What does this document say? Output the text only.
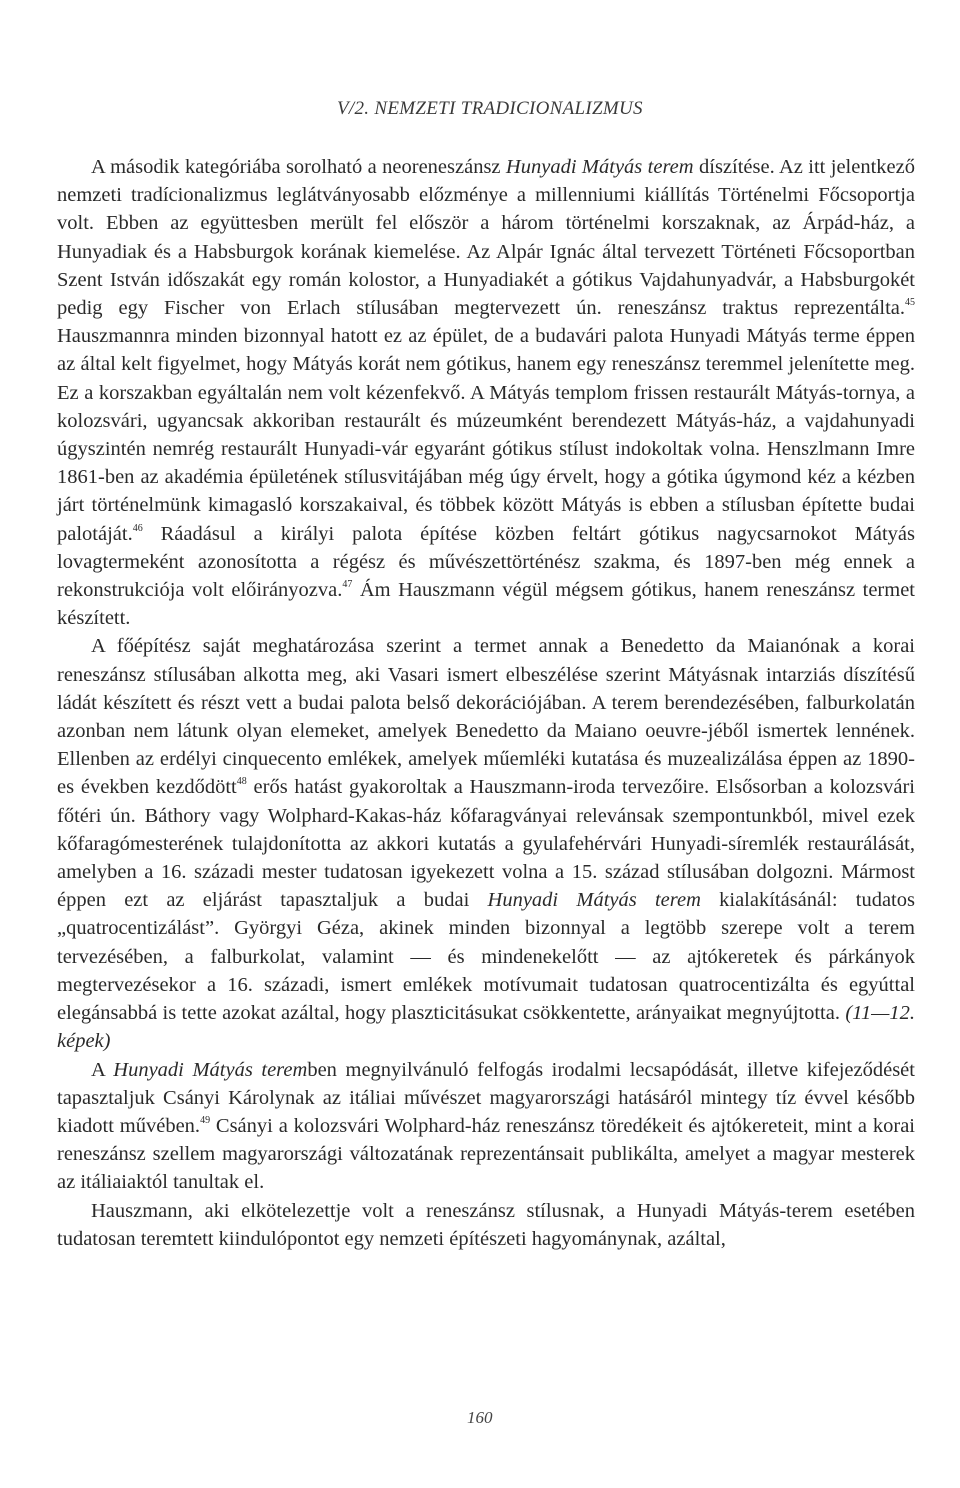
V/2. NEMZETI TRADICIONALIZMUS

A második kategóriába sorolható a neoreneszánsz Hunyadi Mátyás terem díszítése. Az itt jelentkező nemzeti tradícionalizmus leglátványosabb előzménye a millenniumi kiállítás Történelmi Főcsoportja volt. Ebben az együttesben merült fel először a három történelmi korszaknak, az Árpád-ház, a Hunyadiak és a Habsburgok korának kiemelése. Az Alpár Ignác által tervezett Történeti Főcsoportban Szent István időszakát egy román kolostor, a Hunyadiakét a gótikus Vajdahunyadvár, a Habsburgokét pedig egy Fischer von Erlach stílusában megtervezett ún. reneszánsz traktus reprezentálta.$^{45}$ Hauszmannra minden bizonnyal hatott ez az épület, de a budavári palota Hunyadi Mátyás terme éppen az által kelt figyelmet, hogy Mátyás korát nem gótikus, hanem egy reneszánsz teremmel jelenítette meg. Ez a korszakban egyáltalán nem volt kézenfekvő. A Mátyás templom frissen restaurált Mátyás-tornya, a kolozsvári, ugyancsak akkoriban restaurált és múzeumként berendezett Mátyás-ház, a vajdahunyadi úgyszintén nemrég restaurált Hunyadi-vár egyaránt gótikus stílust indokoltak volna. Henszlmann Imre 1861-ben az akadémia épületének stílusvitájában még úgy érvelt, hogy a gótika úgymond kéz a kézben járt történelmünk kimagasló korszakaival, és többek között Mátyás is ebben a stílusban építette budai palotáját.$^{46}$ Ráadásul a királyi palota építése közben feltárt gótikus nagycsarnokot Mátyás lovagtermeként azonosította a régész és művészettörténész szakma, és 1897-ben még ennek a rekonstrukciója volt előirányozva.$^{47}$ Ám Hauszmann végül mégsem gótikus, hanem reneszánsz termet készített.

A főépítész saját meghatározása szerint a termet annak a Benedetto da Maianónak a korai reneszánsz stílusában alkotta meg, aki Vasari ismert elbeszélése szerint Mátyásnak intarziás díszítésű ládát készített és részt vett a budai palota belső dekorációjában. A terem berendezésében, falburkolatán azonban nem látunk olyan elemeket, amelyek Benedetto da Maiano oeuvre-jéből ismertek lennének. Ellenben az erdélyi cinquecento emlékek, amelyek műemléki kutatása és muzealizálása éppen az 1890-es években kezdődött$^{48}$ erős hatást gyakoroltak a Hauszmann-iroda tervezőire. Elsősorban a kolozsvári főtéri ún. Báthory vagy Wolphard-Kakas-ház kőfaragványai relevánsak szempontunkból, mivel ezek kőfaragómesterének tulajdonította az akkori kutatás a gyulafehérvári Hunyadi-síremlék restaurálását, amelyben a 16. századi mester tudatosan igyekezett volna a 15. század stílusában dolgozni. Mármost éppen ezt az eljárást tapasztaljuk a budai Hunyadi Mátyás terem kialakításánál: tudatos „quatrocentizálást”. Györgyi Géza, akinek minden bizonnyal a legtöbb szerepe volt a terem tervezésében, a falburkolat, valamint — és mindenekelőtt — az ajtókeretek és párkányok megtervezésekor a 16. századi, ismert emlékek motívumait tudatosan quatrocentizálta és egyúttal elegánsabbá is tette azokat azáltal, hogy plaszticitásukat csökkentette, arányaikat megnyújtotta. (11—12. képek)

A Hunyadi Mátyás teremben megnyilvánuló felfogás irodalmi lecsapódását, illetve kifejeződését tapasztaljuk Csányi Károlynak az itáliai művészet magyarországi hatásáról mintegy tíz évvel később kiadott művében.$^{49}$ Csányi a kolozsvári Wolphard-ház reneszánsz töredékeit és ajtókereteit, mint a korai reneszánsz szellem magyarországi változatának reprezentánsait publikálta, amelyet a magyar mesterek az itáliaiaktól tanultak el.

Hauszmann, aki elkötelezettje volt a reneszánsz stílusnak, a Hunyadi Mátyás-terem esetében tudatosan teremtett kiindulópontot egy nemzeti építészeti hagyománynak, azáltal,

160
